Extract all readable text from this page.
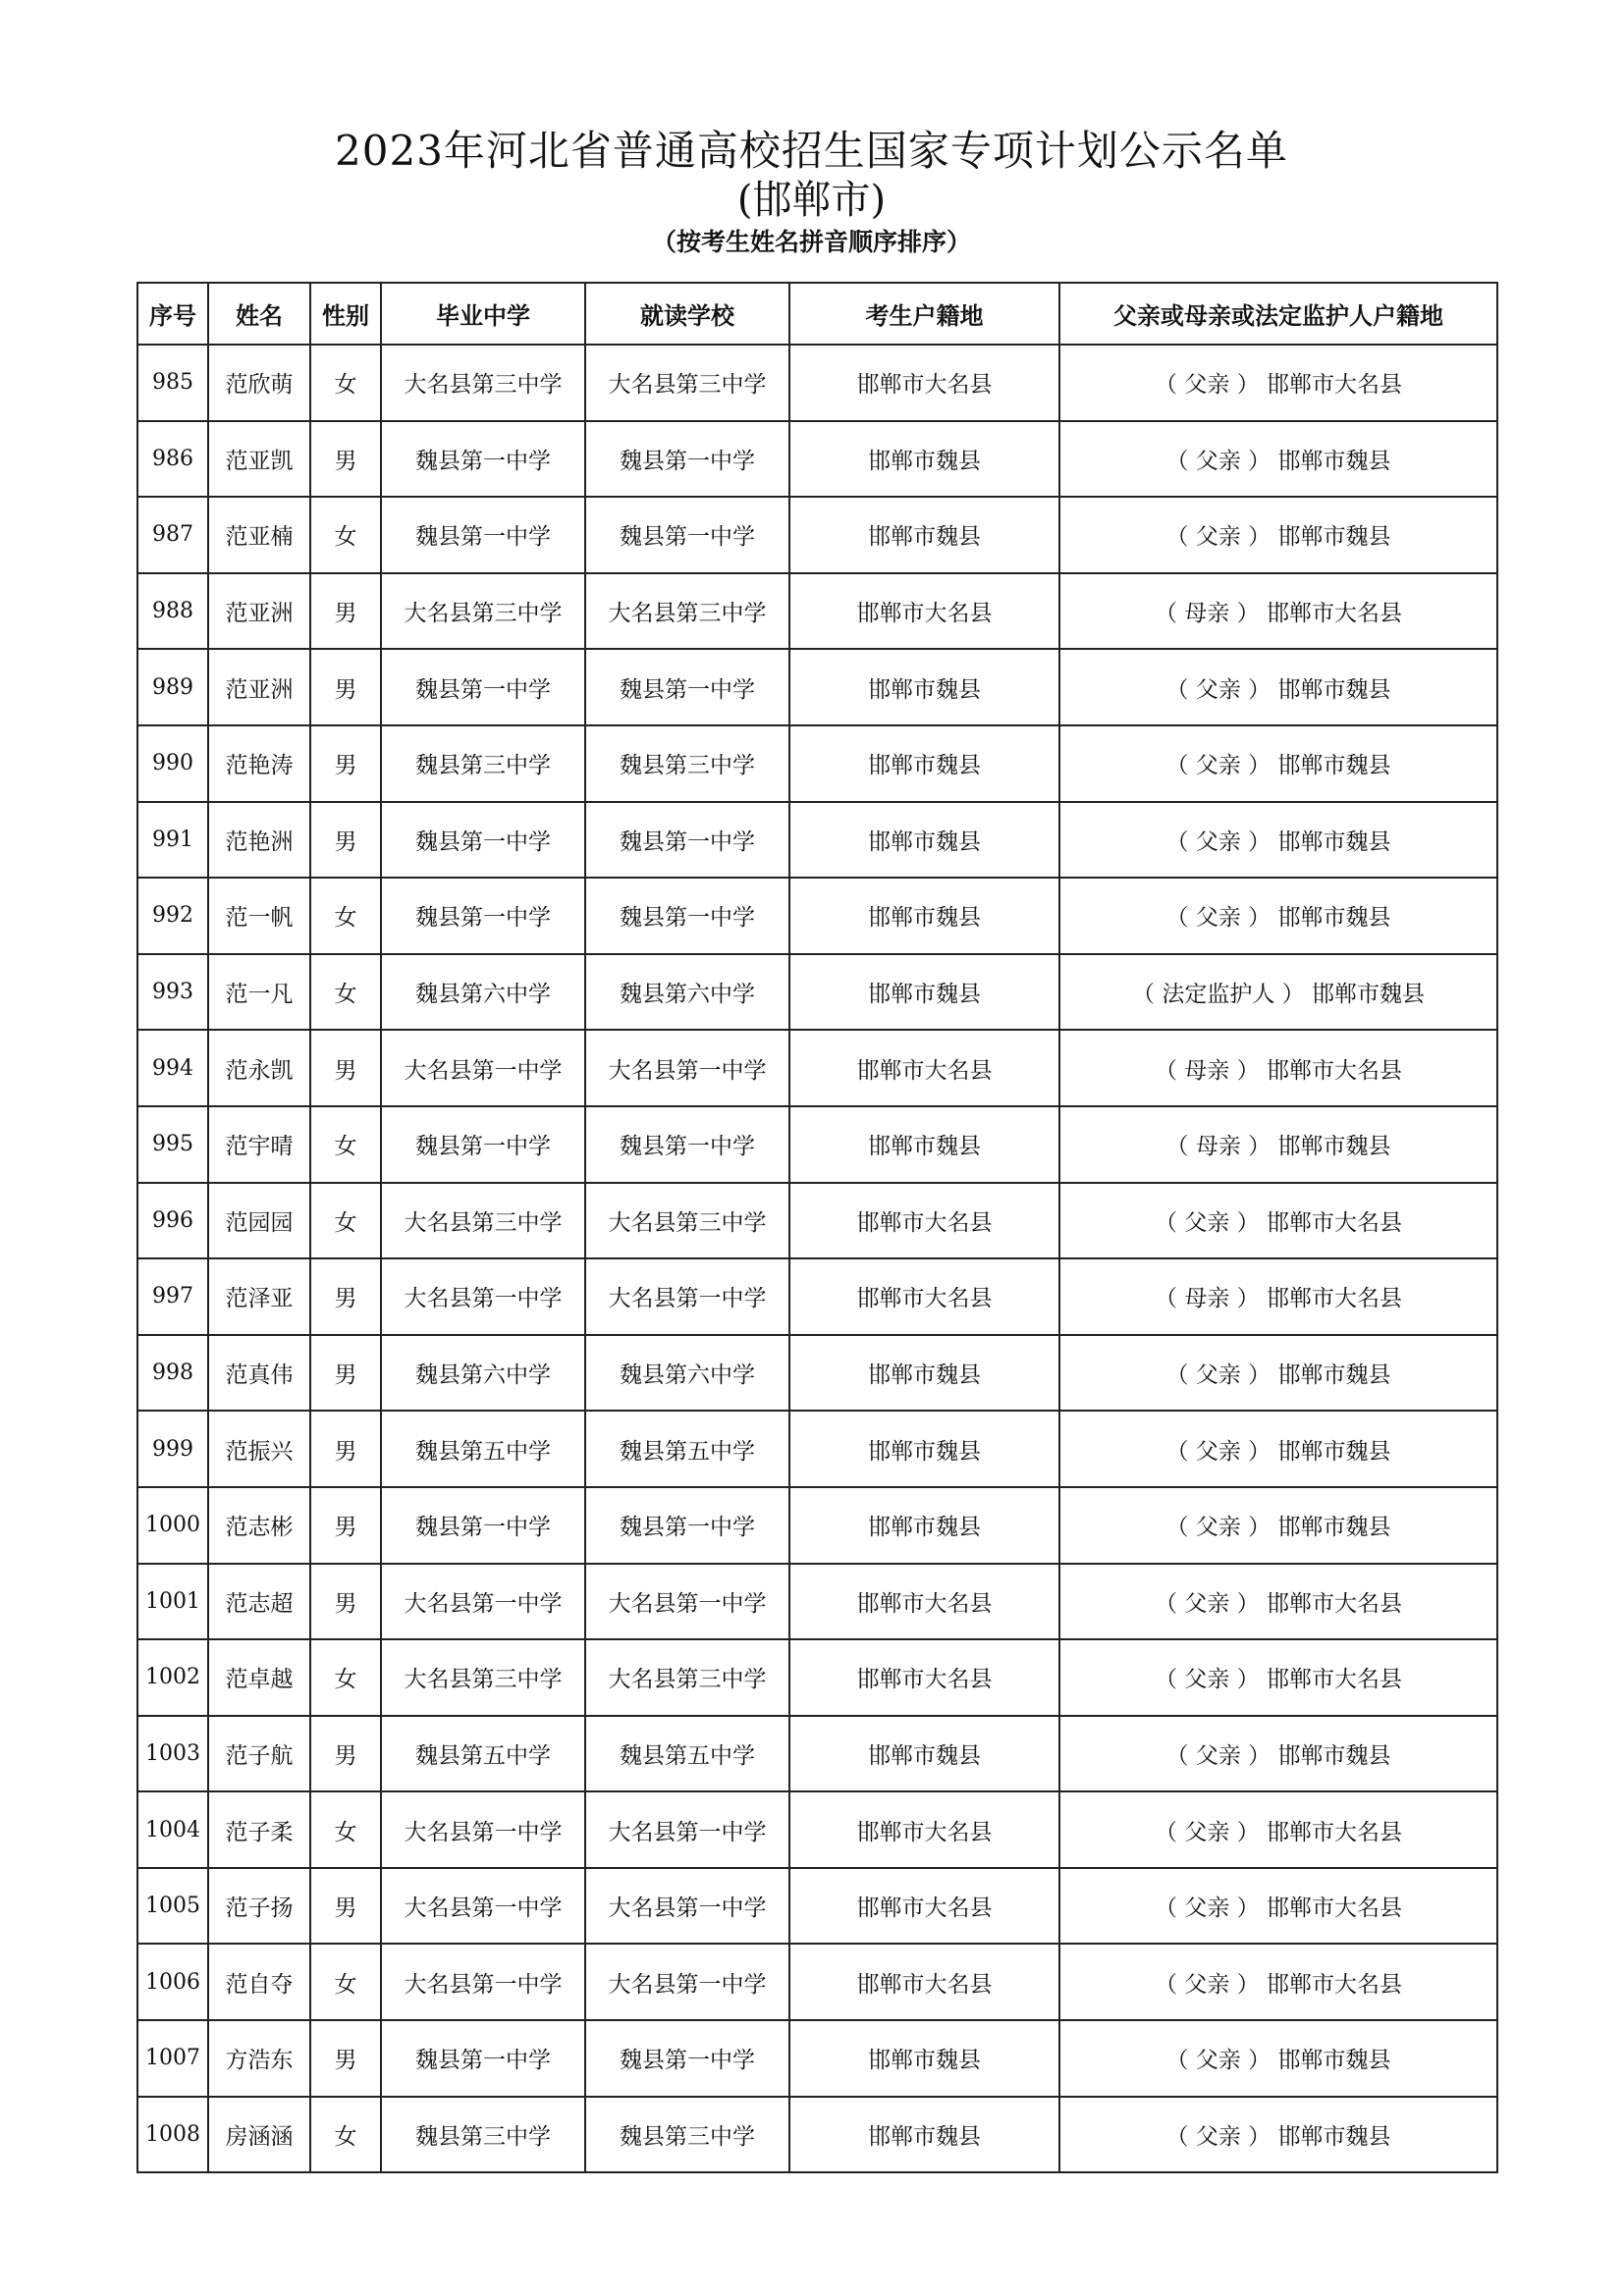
2023年河北省普通高校招生国家专项计划公示名单
(邯郸市)
（按考生姓名拼音顺序排序）
序号	姓名	性别	毕业中学	就读学校	考生户籍地	父亲或母亲或法定监护人户籍地
985	范欣萌	女	大名县第三中学	大名县第三中学	邯郸市大名县	（ 父亲 ） 邯郸市大名县
986	范亚凯	男	魏县第一中学	魏县第一中学	邯郸市魏县	（ 父亲 ） 邯郸市魏县
987	范亚楠	女	魏县第一中学	魏县第一中学	邯郸市魏县	（ 父亲 ） 邯郸市魏县
988	范亚洲	男	大名县第三中学	大名县第三中学	邯郸市大名县	（ 母亲 ） 邯郸市大名县
989	范亚洲	男	魏县第一中学	魏县第一中学	邯郸市魏县	（ 父亲 ） 邯郸市魏县
990	范艳涛	男	魏县第三中学	魏县第三中学	邯郸市魏县	（ 父亲 ） 邯郸市魏县
991	范艳洲	男	魏县第一中学	魏县第一中学	邯郸市魏县	（ 父亲 ） 邯郸市魏县
992	范一帆	女	魏县第一中学	魏县第一中学	邯郸市魏县	（ 父亲 ） 邯郸市魏县
993	范一凡	女	魏县第六中学	魏县第六中学	邯郸市魏县	（ 法定监护人 ） 邯郸市魏县
994	范永凯	男	大名县第一中学	大名县第一中学	邯郸市大名县	（ 母亲 ） 邯郸市大名县
995	范宇晴	女	魏县第一中学	魏县第一中学	邯郸市魏县	（ 母亲 ） 邯郸市魏县
996	范园园	女	大名县第三中学	大名县第三中学	邯郸市大名县	（ 父亲 ） 邯郸市大名县
997	范泽亚	男	大名县第一中学	大名县第一中学	邯郸市大名县	（ 母亲 ） 邯郸市大名县
998	范真伟	男	魏县第六中学	魏县第六中学	邯郸市魏县	（ 父亲 ） 邯郸市魏县
999	范振兴	男	魏县第五中学	魏县第五中学	邯郸市魏县	（ 父亲 ） 邯郸市魏县
1000	范志彬	男	魏县第一中学	魏县第一中学	邯郸市魏县	（ 父亲 ） 邯郸市魏县
1001	范志超	男	大名县第一中学	大名县第一中学	邯郸市大名县	（ 父亲 ） 邯郸市大名县
1002	范卓越	女	大名县第三中学	大名县第三中学	邯郸市大名县	（ 父亲 ） 邯郸市大名县
1003	范子航	男	魏县第五中学	魏县第五中学	邯郸市魏县	（ 父亲 ） 邯郸市魏县
1004	范子柔	女	大名县第一中学	大名县第一中学	邯郸市大名县	（ 父亲 ） 邯郸市大名县
1005	范子扬	男	大名县第一中学	大名县第一中学	邯郸市大名县	（ 父亲 ） 邯郸市大名县
1006	范自夺	女	大名县第一中学	大名县第一中学	邯郸市大名县	（ 父亲 ） 邯郸市大名县
1007	方浩东	男	魏县第一中学	魏县第一中学	邯郸市魏县	（ 父亲 ） 邯郸市魏县
1008	房涵涵	女	魏县第三中学	魏县第三中学	邯郸市魏县	（ 父亲 ） 邯郸市魏县
